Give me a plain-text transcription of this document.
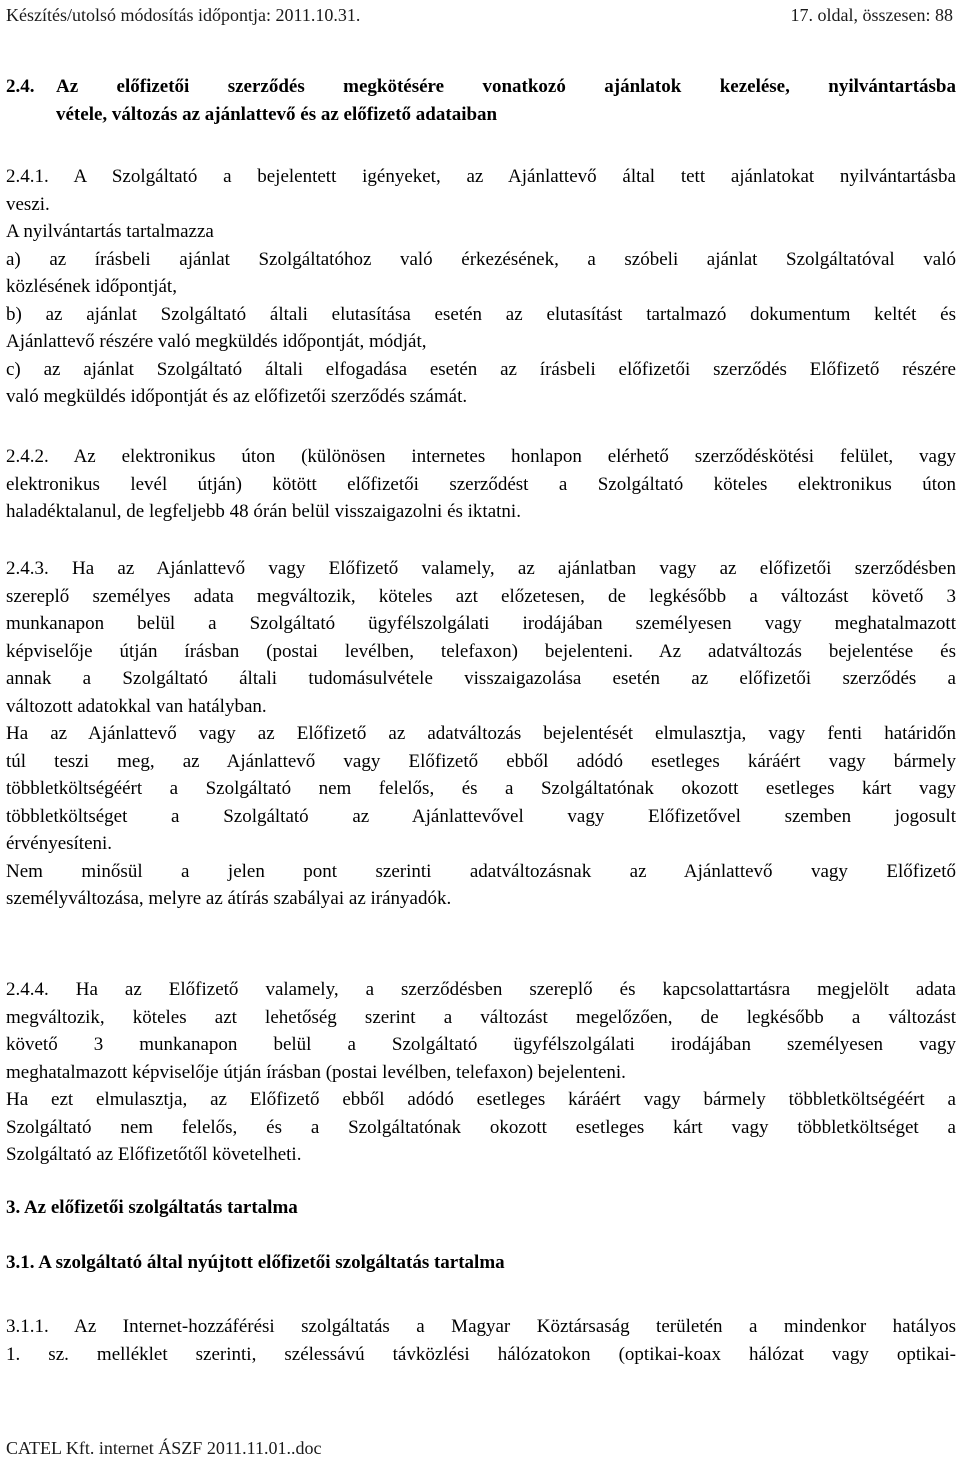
Készítés/utolsó módosítás időpontja: 2011.10.31.	17. oldal, összesen: 88
2.4.	Az előfizetői szerződés megkötésére vonatkozó ajánlatok kezelése, nyilvántartásba
vétele, változás az ajánlattevő és az előfizető adataiban
2.4.1. A Szolgáltató a bejelentett igényeket, az Ajánlattevő által tett ajánlatokat nyilvántartásba
veszi.
A nyilvántartás tartalmazza
a) az írásbeli ajánlat Szolgáltatóhoz való érkezésének, a szóbeli ajánlat Szolgáltatóval való
közlésének időpontját,
b) az ajánlat Szolgáltató általi elutasítása esetén az elutasítást tartalmazó dokumentum keltét és
Ajánlattevő részére való megküldés időpontját, módját,
c) az ajánlat Szolgáltató általi elfogadása esetén az írásbeli előfizetői szerződés Előfizető részére
való megküldés időpontját és az előfizetői szerződés számát.
2.4.2. Az elektronikus úton (különösen internetes honlapon elérhető szerződéskötési felület, vagy
elektronikus levél útján) kötött előfizetői szerződést a Szolgáltató köteles elektronikus úton
haladéktalanul, de legfeljebb 48 órán belül visszaigazolni és iktatni.
2.4.3. Ha az Ajánlattevő vagy Előfizető valamely, az ajánlatban vagy az előfizetői szerződésben
szereplő személyes adata megváltozik, köteles azt előzetesen, de legkésőbb a változást követő 3
munkanapon belül a Szolgáltató ügyfélszolgálati irodájában személyesen vagy meghatalmazott
képviselője útján írásban (postai levélben, telefaxon) bejelenteni. Az adatváltozás bejelentése és
annak a Szolgáltató általi tudomásulvétele visszaigazolása esetén az előfizetői szerződés a
változott adatokkal van hatályban.
Ha az Ajánlattevő vagy az Előfizető az adatváltozás bejelentését elmulasztja, vagy fenti határidőn
túl teszi meg, az Ajánlattevő vagy Előfizető ebből adódó esetleges káráért vagy bármely
többletköltségéért a Szolgáltató nem felelős, és a Szolgáltatónak okozott esetleges kárt vagy
többletköltséget a Szolgáltató az Ajánlattevővel vagy Előfizetővel szemben jogosult
érvényesíteni.
Nem minősül a jelen pont szerinti adatváltozásnak az Ajánlattevő vagy Előfizető
személyváltozása, melyre az átírás szabályai az irányadók.
2.4.4. Ha az Előfizető valamely, a szerződésben szereplő és kapcsolattartásra megjelölt adata
megváltozik, köteles azt lehetőség szerint a változást megelőzően, de legkésőbb a változást
követő 3 munkanapon belül a Szolgáltató ügyfélszolgálati irodájában személyesen vagy
meghatalmazott képviselője útján írásban (postai levélben, telefaxon) bejelenteni.
Ha ezt elmulasztja, az Előfizető ebből adódó esetleges káráért vagy bármely többletköltségéért a
Szolgáltató nem felelős, és a Szolgáltatónak okozott esetleges kárt vagy többletköltséget a
Szolgáltató az Előfizetőtől követelheti.
3. Az előfizetői szolgáltatás tartalma
3.1. A szolgáltató által nyújtott előfizetői szolgáltatás tartalma
3.1.1. Az Internet-hozzáférési szolgáltatás a Magyar Köztársaság területén a mindenkor hatályos
1. sz. melléklet szerinti, szélessávú távközlési hálózatokon (optikai-koax hálózat vagy optikai-
CATEL Kft. internet ÁSZF 2011.11.01..doc
